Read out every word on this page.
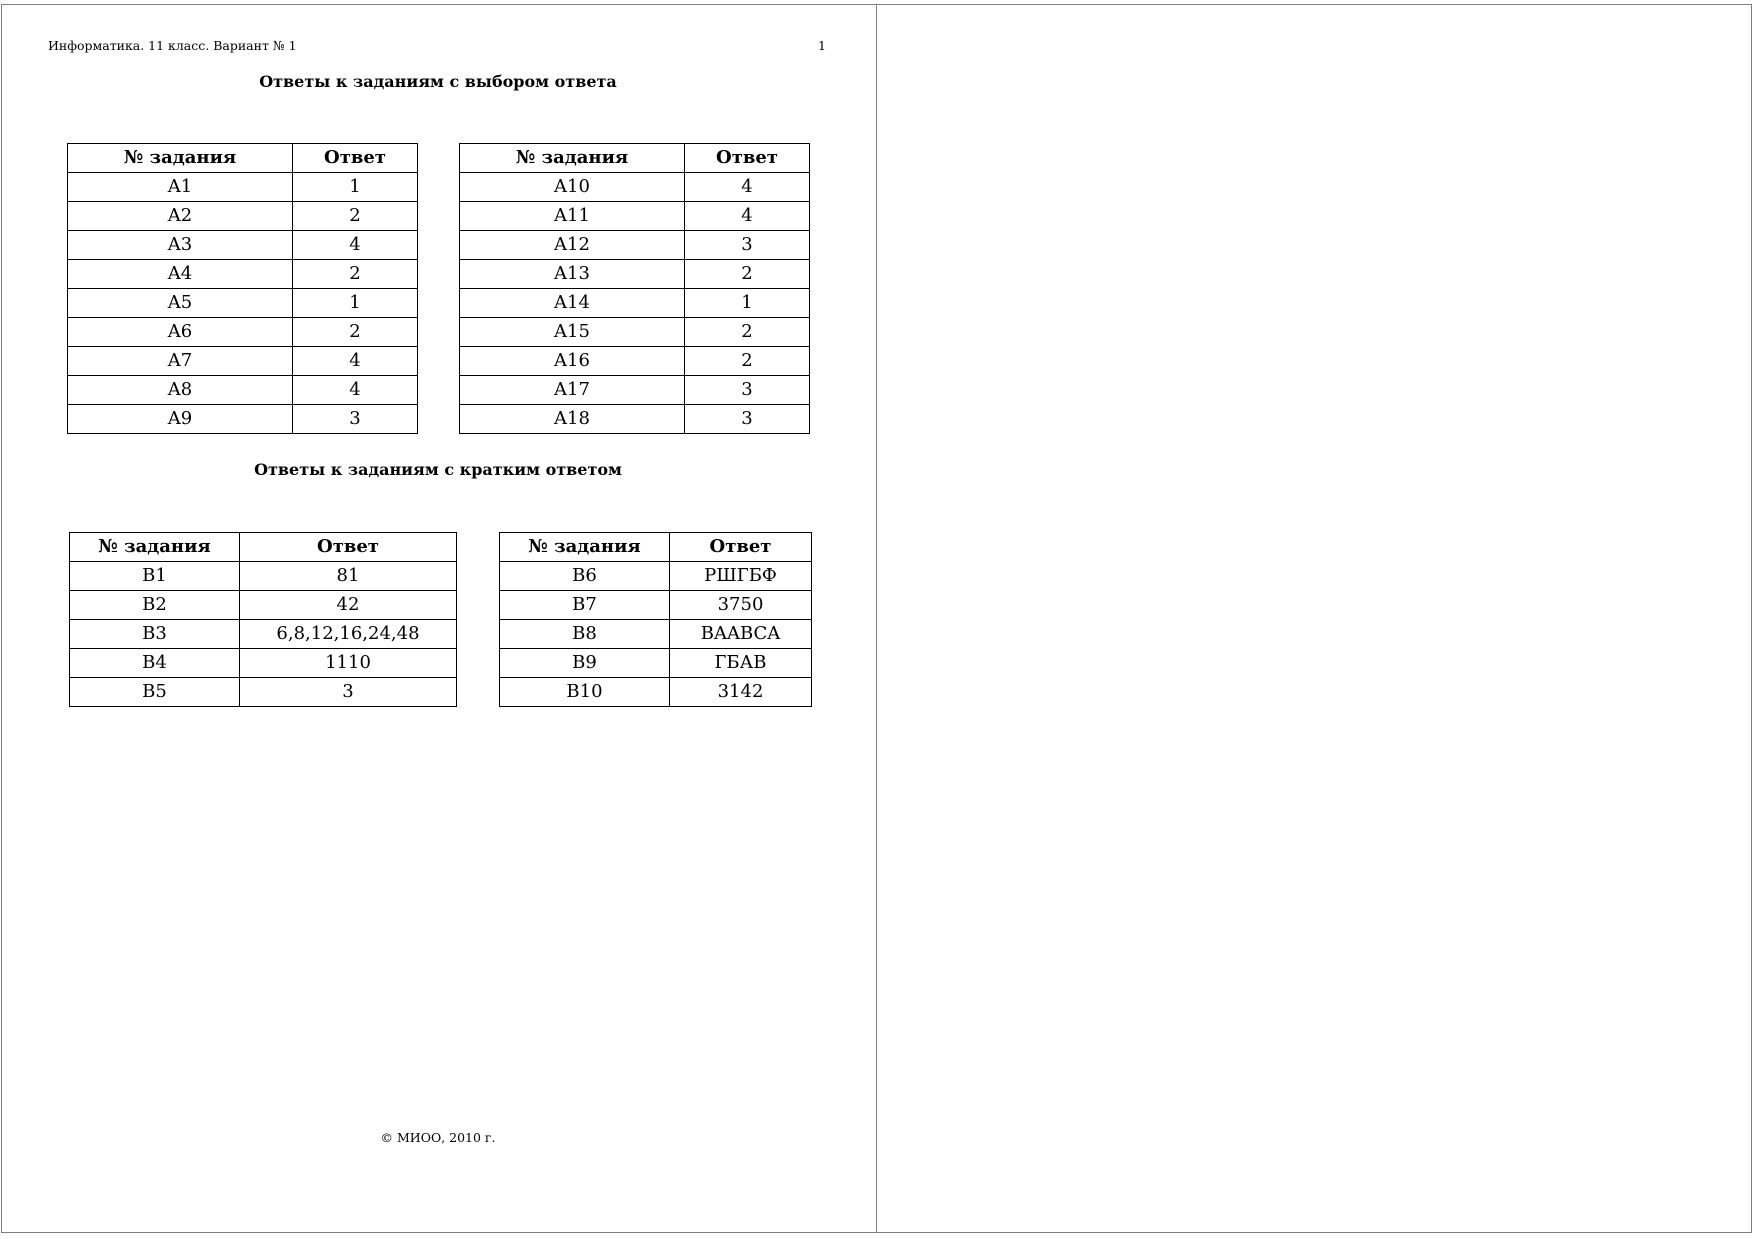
Информатика. 11 класс. Вариант № 1	1
Ответы к заданиям с выбором ответа
№ задания	Ответ
A1	1
A2	2
A3	4
A4	2
A5	1
A6	2
A7	4
A8	4
A9	3
№ задания	Ответ
A10	4
A11	4
A12	3
A13	2
A14	1
A15	2
A16	2
A17	3
A18	3
Ответы к заданиям с кратким ответом
№ задания	Ответ
B1	81
B2	42
B3	6,8,12,16,24,48
B4	1110
B5	3
№ задания	Ответ
B6	РШГБФ
B7	3750
B8	BAABCA
B9	ГБАВ
B10	3142
© МИОО, 2010 г.
